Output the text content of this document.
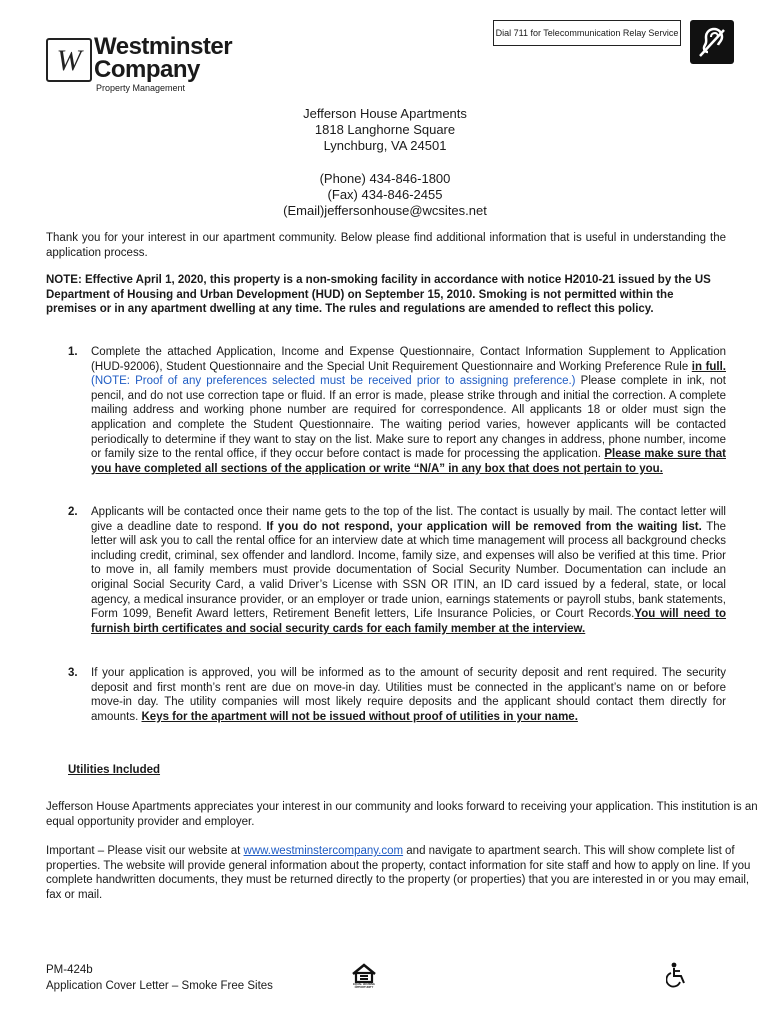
W Westminster
Company
Property Management
Dial 711 for Telecommunication Relay Service
Jefferson House Apartments
1818 Langhorne Square
Lynchburg, VA 24501
(Phone) 434-846-1800
(Fax) 434-846-2455
(Email)jeffersonhouse@wcsites.net
Thank you for your interest in our apartment community. Below please find additional information that is useful in understanding the application process.
NOTE: Effective April 1, 2020, this property is a non-smoking facility in accordance with notice H2010-21 issued by the US Department of Housing and Urban Development (HUD) on September 15, 2010. Smoking is not permitted within the premises or in any apartment dwelling at any time. The rules and regulations are amended to reflect this policy.
1. Complete the attached Application, Income and Expense Questionnaire, Contact Information Supplement to Application (HUD-92006), Student Questionnaire and the Special Unit Requirement Questionnaire and Working Preference Rule in full. (NOTE: Proof of any preferences selected must be received prior to assigning preference.) Please complete in ink, not pencil, and do not use correction tape or fluid. If an error is made, please strike through and initial the correction. A complete mailing address and working phone number are required for correspondence. All applicants 18 or older must sign the application and complete the Student Questionnaire. The waiting period varies, however applicants will be contacted periodically to determine if they want to stay on the list. Make sure to report any changes in address, phone number, income or family size to the rental office, if they occur before contact is made for processing the application. Please make sure that you have completed all sections of the application or write “N/A” in any box that does not pertain to you.
2. Applicants will be contacted once their name gets to the top of the list. The contact is usually by mail. The contact letter will give a deadline date to respond. If you do not respond, your application will be removed from the waiting list. The letter will ask you to call the rental office for an interview date at which time management will process all background checks including credit, criminal, sex offender and landlord. Income, family size, and expenses will also be verified at this time. Prior to move in, all family members must provide documentation of Social Security Number. Documentation can include an original Social Security Card, a valid Driver’s License with SSN OR ITIN, an ID card issued by a federal, state, or local agency, a medical insurance provider, or an employer or trade union, earnings statements or payroll stubs, bank statements, Form 1099, Benefit Award letters, Retirement Benefit letters, Life Insurance Policies, or Court Records.You will need to furnish birth certificates and social security cards for each family member at the interview.
3. If your application is approved, you will be informed as to the amount of security deposit and rent required. The security deposit and first month’s rent are due on move-in day. Utilities must be connected in the applicant’s name on or before move-in day. The utility companies will most likely require deposits and the applicant should contact them directly for amounts. Keys for the apartment will not be issued without proof of utilities in your name.
Utilities Included
Jefferson House Apartments appreciates your interest in our community and looks forward to receiving your application. This institution is an equal opportunity provider and employer.
Important – Please visit our website at www.westminstercompany.com and navigate to apartment search. This will show complete list of properties. The website will provide general information about the property, contact information for site staff and how to apply on line. If you complete handwritten documents, they must be returned directly to the property (or properties) that you are interested in or you may email, fax or mail.
PM-424b
Application Cover Letter – Smoke Free Sites	EQUAL HOUSING OPPORTUNITY
